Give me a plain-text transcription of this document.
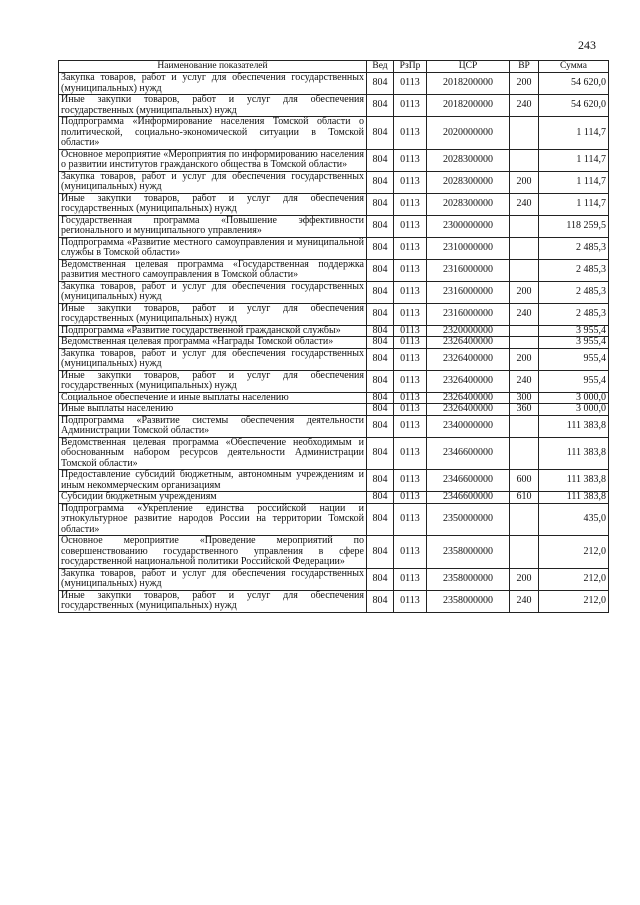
243
Наименование показателей	Вед	РзПр	ЦСР	ВР	Сумма
Закупка товаров, работ и услуг для обеспечения государственных (муниципальных) нужд	804	0113	2018200000	200	54 620,0
Иные закупки товаров, работ и услуг для обеспечения государственных (муниципальных) нужд	804	0113	2018200000	240	54 620,0
Подпрограмма «Информирование населения Томской области о политической, социально-экономической ситуации в Томской области»	804	0113	2020000000		1 114,7
Основное мероприятие «Мероприятия по информированию населения о развитии институтов гражданского общества в Томской области»	804	0113	2028300000		1 114,7
Закупка товаров, работ и услуг для обеспечения государственных (муниципальных) нужд	804	0113	2028300000	200	1 114,7
Иные закупки товаров, работ и услуг для обеспечения государственных (муниципальных) нужд	804	0113	2028300000	240	1 114,7
Государственная программа «Повышение эффективности регионального и муниципального управления»	804	0113	2300000000		118 259,5
Подпрограмма «Развитие местного самоуправления и муниципальной службы в Томской области»	804	0113	2310000000		2 485,3
Ведомственная целевая программа «Государственная поддержка развития местного самоуправления в Томской области»	804	0113	2316000000		2 485,3
Закупка товаров, работ и услуг для обеспечения государственных (муниципальных) нужд	804	0113	2316000000	200	2 485,3
Иные закупки товаров, работ и услуг для обеспечения государственных (муниципальных) нужд	804	0113	2316000000	240	2 485,3
Подпрограмма «Развитие государственной гражданской службы»	804	0113	2320000000		3 955,4
Ведомственная целевая программа «Награды Томской области»	804	0113	2326400000		3 955,4
Закупка товаров, работ и услуг для обеспечения государственных (муниципальных) нужд	804	0113	2326400000	200	955,4
Иные закупки товаров, работ и услуг для обеспечения государственных (муниципальных) нужд	804	0113	2326400000	240	955,4
Социальное обеспечение и иные выплаты населению	804	0113	2326400000	300	3 000,0
Иные выплаты населению	804	0113	2326400000	360	3 000,0
Подпрограмма «Развитие системы обеспечения деятельности Администрации Томской области»	804	0113	2340000000		111 383,8
Ведомственная целевая программа «Обеспечение необходимым и обоснованным набором ресурсов деятельности Администрации Томской области»	804	0113	2346600000		111 383,8
Предоставление субсидий бюджетным, автономным учреждениям и иным некоммерческим организациям	804	0113	2346600000	600	111 383,8
Субсидии бюджетным учреждениям	804	0113	2346600000	610	111 383,8
Подпрограмма «Укрепление единства российской нации и этнокультурное развитие народов России на территории Томской области»	804	0113	2350000000		435,0
Основное мероприятие «Проведение мероприятий по совершенствованию государственного управления в сфере государственной национальной политики Российской Федерации»	804	0113	2358000000		212,0
Закупка товаров, работ и услуг для обеспечения государственных (муниципальных) нужд	804	0113	2358000000	200	212,0
Иные закупки товаров, работ и услуг для обеспечения государственных (муниципальных) нужд	804	0113	2358000000	240	212,0
